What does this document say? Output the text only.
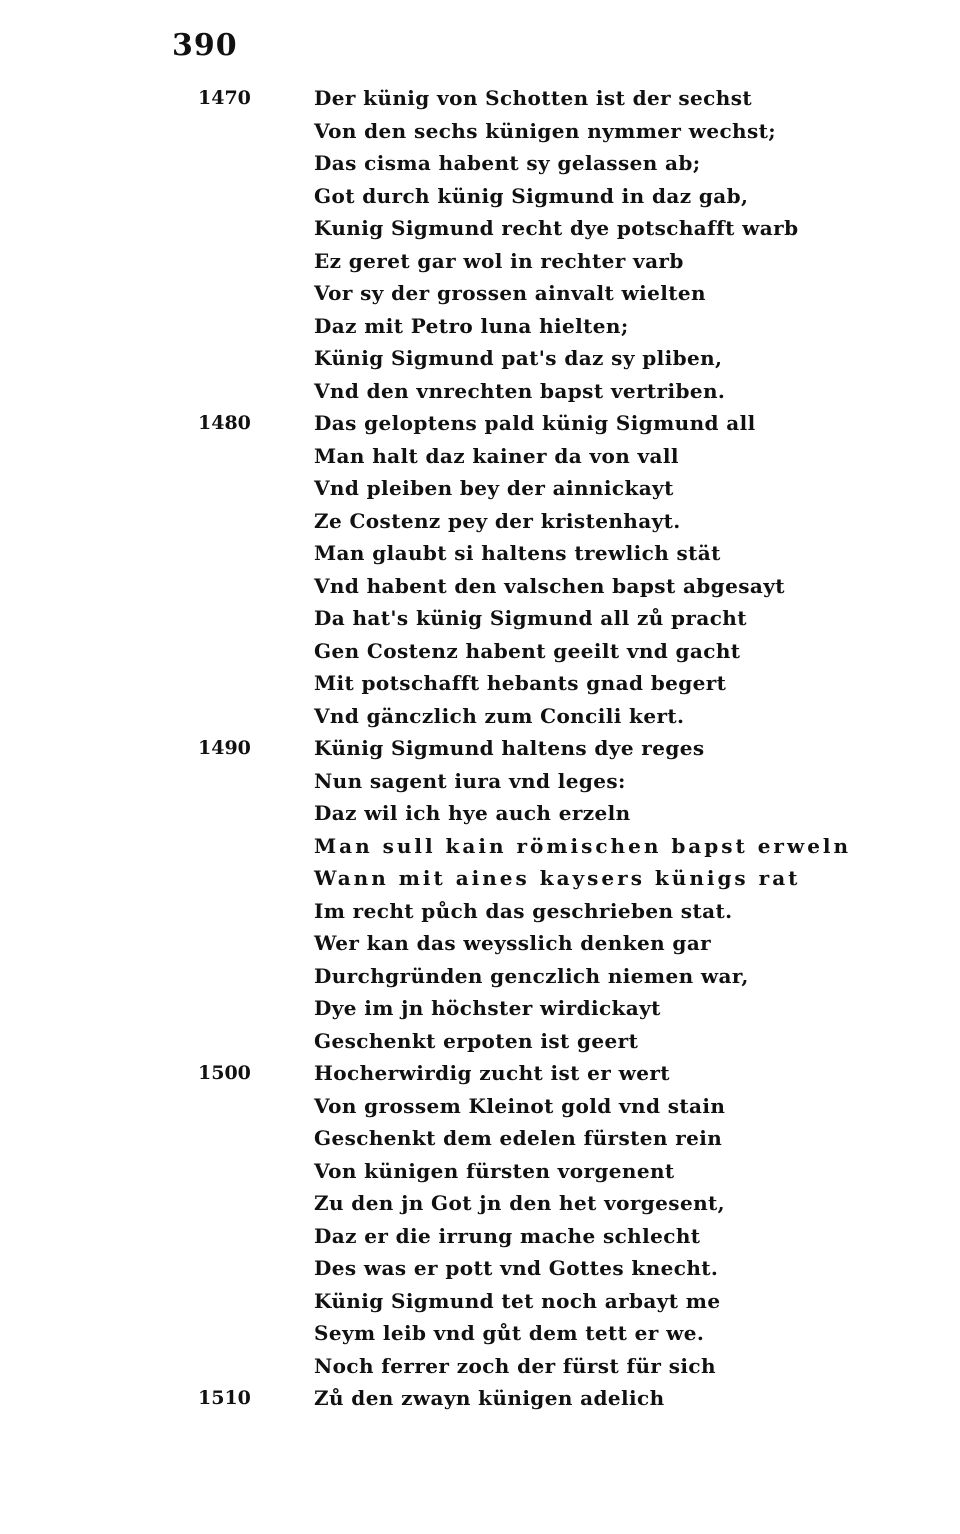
390
1470	Der künig von Schotten ist der sechst
Von den sechs künigen nymmer wechst;
Das cisma habent sy gelassen ab;
Got durch künig Sigmund in daz gab,
Kunig Sigmund recht dye potschafft warb
Ez geret gar wol in rechter varb
Vor sy der grossen ainvalt wielten
Daz mit Petro luna hielten;
Künig Sigmund pat's daz sy pliben,
Vnd den vnrechten bapst vertriben.
1480	Das geloptens pald künig Sigmund all
Man halt daz kainer da von vall
Vnd pleiben bey der ainnickayt
Ze Costenz pey der kristenhayt.
Man glaubt si haltens trewlich stät
Vnd habent den valschen bapst abgesayt
Da hat's künig Sigmund all zů pracht
Gen Costenz habent geeilt vnd gacht
Mit potschafft hebants gnad begert
Vnd gänczlich zum Concili kert.
1490	Künig Sigmund haltens dye reges
Nun sagent iura vnd leges:
Daz wil ich hye auch erzeln
Man sull kain römischen bapst erweln
Wann mit aines kaysers künigs rat
Im recht půch das geschrieben stat.
Wer kan das weysslich denken gar
Durchgründen genczlich niemen war,
Dye im jn höchster wirdickayt
Geschenkt erpoten ist geert
1500	Hocherwirdig zucht ist er wert
Von grossem Kleinot gold vnd stain
Geschenkt dem edelen fürsten rein
Von künigen fürsten vorgenent
Zu den jn Got jn den het vorgesent,
Daz er die irrung mache schlecht
Des was er pott vnd Gottes knecht.
Künig Sigmund tet noch arbayt me
Seym leib vnd gůt dem tett er we.
Noch ferrer zoch der fürst für sich
1510	Zů den zwayn künigen adelich
